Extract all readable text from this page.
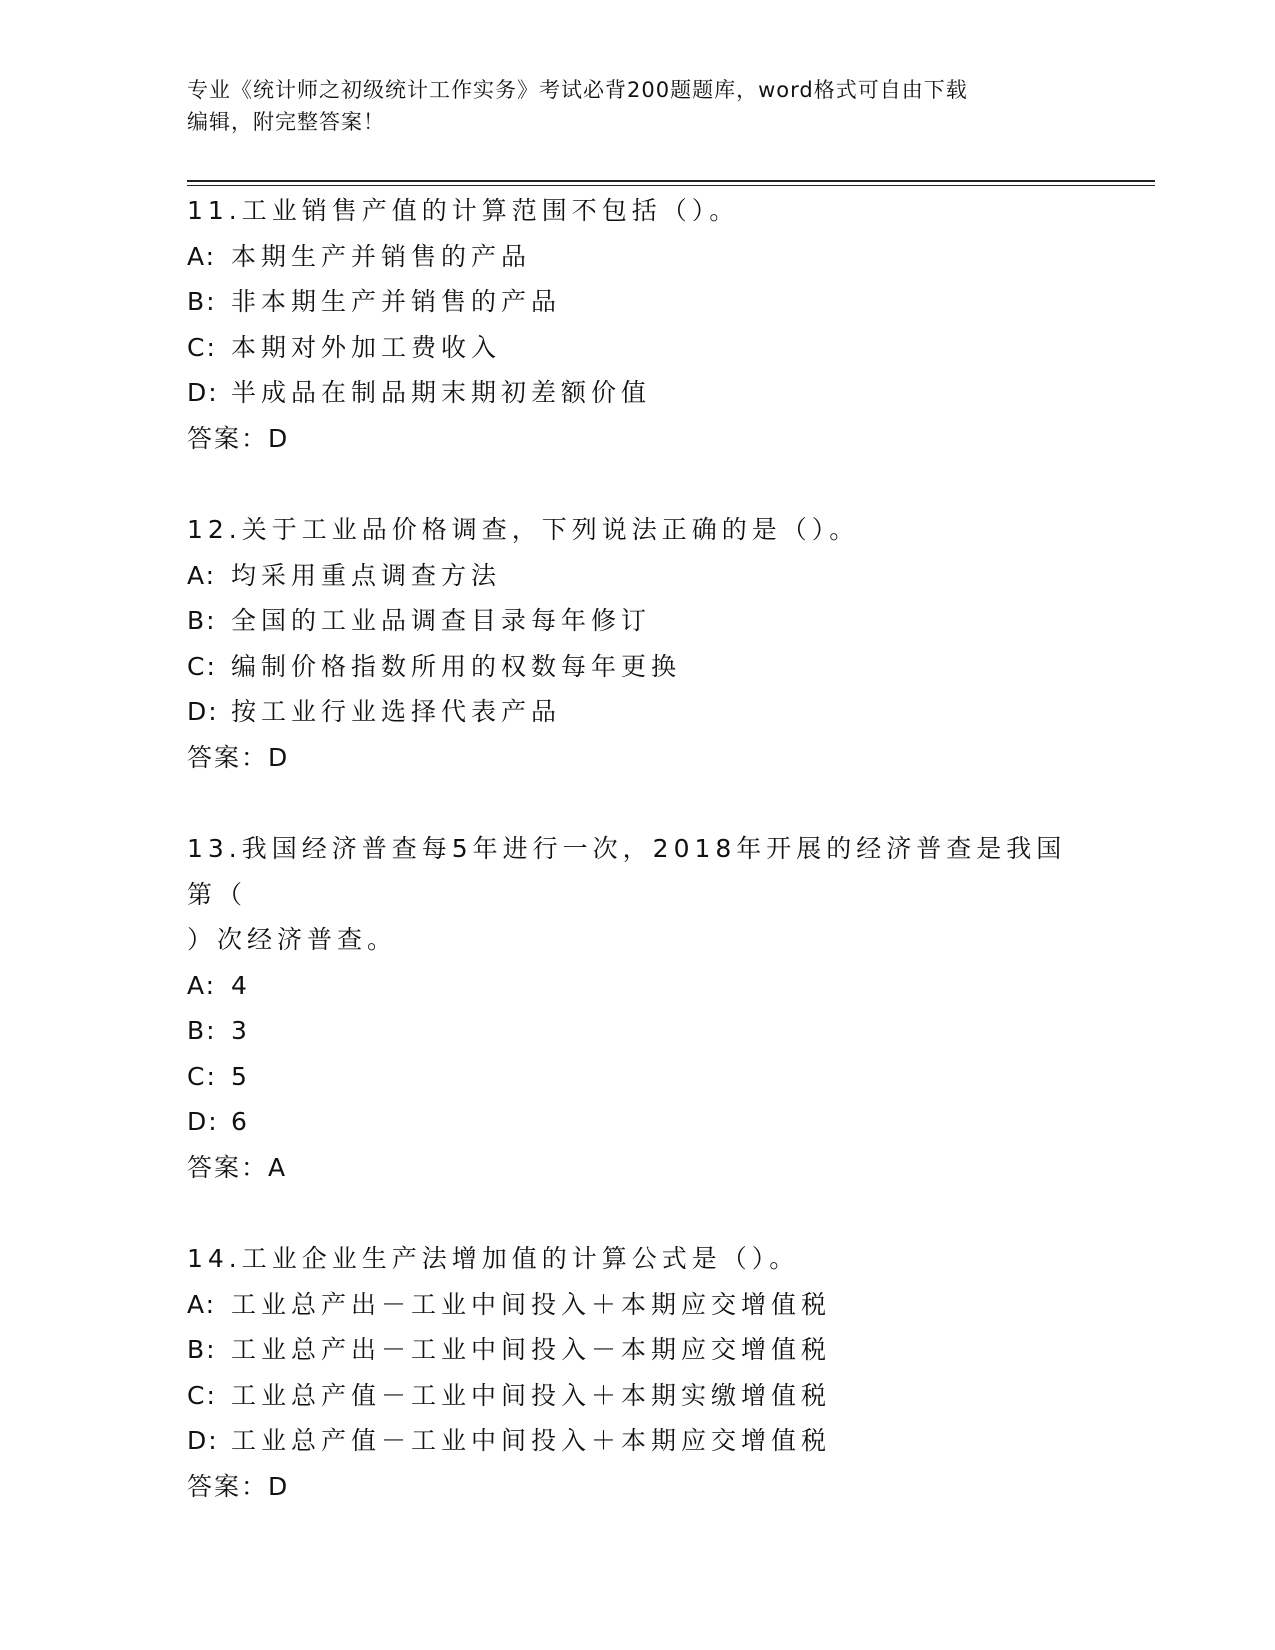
专业《统计师之初级统计工作实务》考试必背200题题库，word格式可自由下载
编辑，附完整答案！
11.工业销售产值的计算范围不包括（）。
A: 本期生产并销售的产品
B: 非本期生产并销售的产品
C: 本期对外加工费收入
D: 半成品在制品期末期初差额价值
答案：D
12.关于工业品价格调查，下列说法正确的是（）。
A: 均采用重点调查方法
B: 全国的工业品调查目录每年修订
C: 编制价格指数所用的权数每年更换
D: 按工业行业选择代表产品
答案：D
13.我国经济普查每5年进行一次，2018年开展的经济普查是我国第（
）次经济普查。
A: 4
B: 3
C: 5
D: 6
答案：A
14.工业企业生产法增加值的计算公式是（）。
A: 工业总产出－工业中间投入＋本期应交增值税
B: 工业总产出－工业中间投入－本期应交增值税
C: 工业总产值－工业中间投入＋本期实缴增值税
D: 工业总产值－工业中间投入＋本期应交增值税
答案：D
